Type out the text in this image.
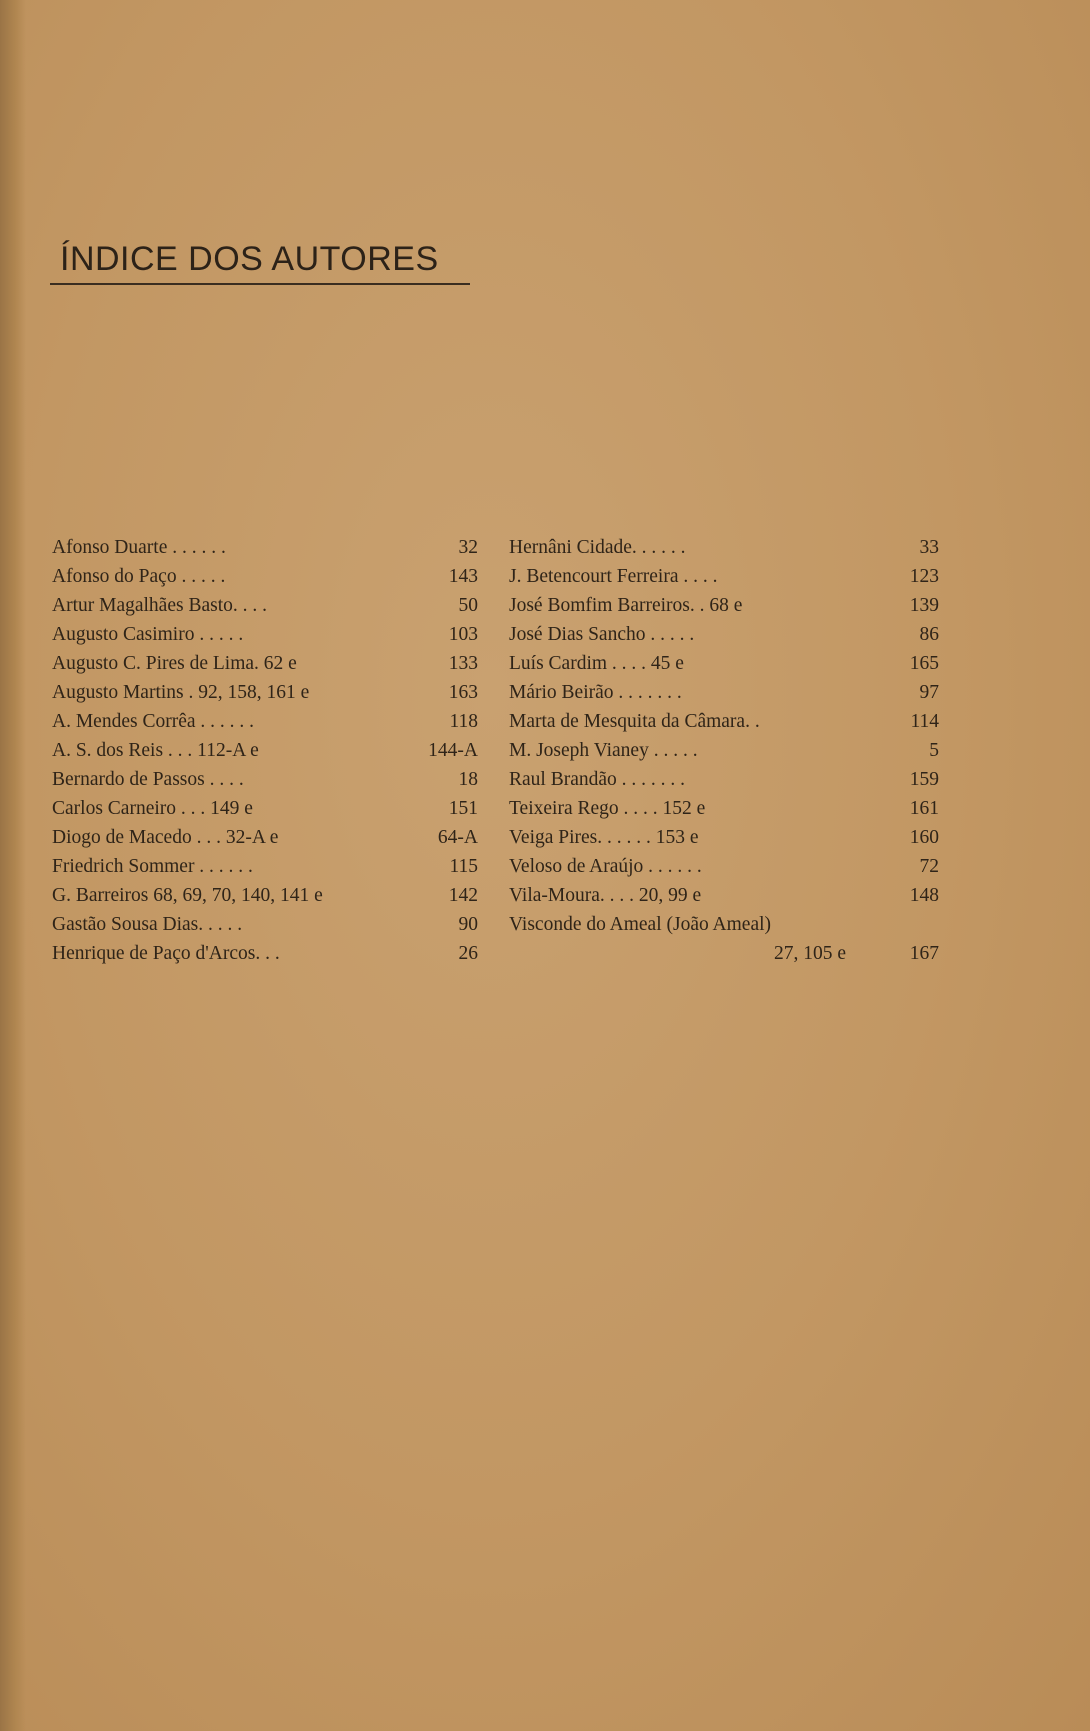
ÍNDICE DOS AUTORES
Afonso Duarte . . . . . .	32
Afonso do Paço . . . . .	143
Artur Magalhães Basto. . . .	50
Augusto Casimiro . . . . .	103
Augusto C. Pires de Lima. 62 e	133
Augusto Martins . 92, 158, 161 e	163
A. Mendes Corrêa . . . . . .	118
A. S. dos Reis . . . 112-A e	144-A
Bernardo de Passos . . . .	18
Carlos Carneiro . . . 149 e	151
Diogo de Macedo . . . 32-A e	64-A
Friedrich Sommer . . . . . .	115
G. Barreiros 68, 69, 70, 140, 141 e	142
Gastão Sousa Dias. . . . .	90
Henrique de Paço d'Arcos. . .	26
Hernâni Cidade. . . . . .	33
J. Betencourt Ferreira . . . .	123
José Bomfim Barreiros. . 68 e	139
José Dias Sancho . . . . .	86
Luís Cardim . . . . 45 e	165
Mário Beirão . . . . . . .	97
Marta de Mesquita da Câmara. .	114
M. Joseph Vianey . . . . .	5
Raul Brandão . . . . . . .	159
Teixeira Rego . . . . 152 e	161
Veiga Pires. . . . . . 153 e	160
Veloso de Araújo . . . . . .	72
Vila-Moura. . . . 20, 99 e	148
Visconde do Ameal (João Ameal)
27, 105 e	167
